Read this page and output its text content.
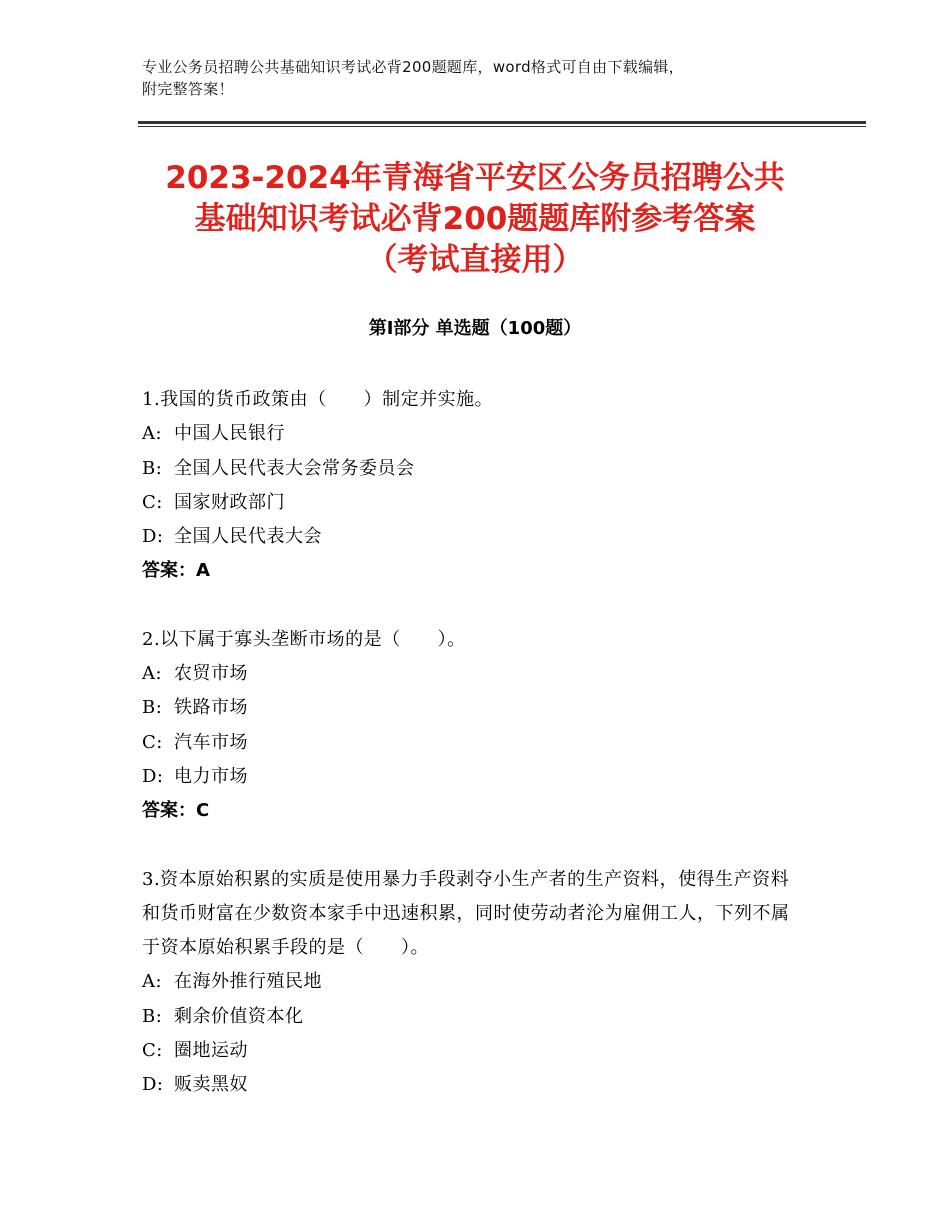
专业公务员招聘公共基础知识考试必背200题题库，word格式可自由下载编辑，
附完整答案！
2023-2024年青海省平安区公务员招聘公共
基础知识考试必背200题题库附参考答案
（考试直接用）
第Ⅰ部分 单选题（100题）
1.我国的货币政策由（　　）制定并实施。
A: 中国人民银行
B: 全国人民代表大会常务委员会
C: 国家财政部门
D: 全国人民代表大会
答案：A
2.以下属于寡头垄断市场的是（　　）。
A: 农贸市场
B: 铁路市场
C: 汽车市场
D: 电力市场
答案：C
3.资本原始积累的实质是使用暴力手段剥夺小生产者的生产资料，使得生产资料和货币财富在少数资本家手中迅速积累，同时使劳动者沦为雇佣工人，下列不属于资本原始积累手段的是（　　）。
A: 在海外推行殖民地
B: 剩余价值资本化
C: 圈地运动
D: 贩卖黑奴
